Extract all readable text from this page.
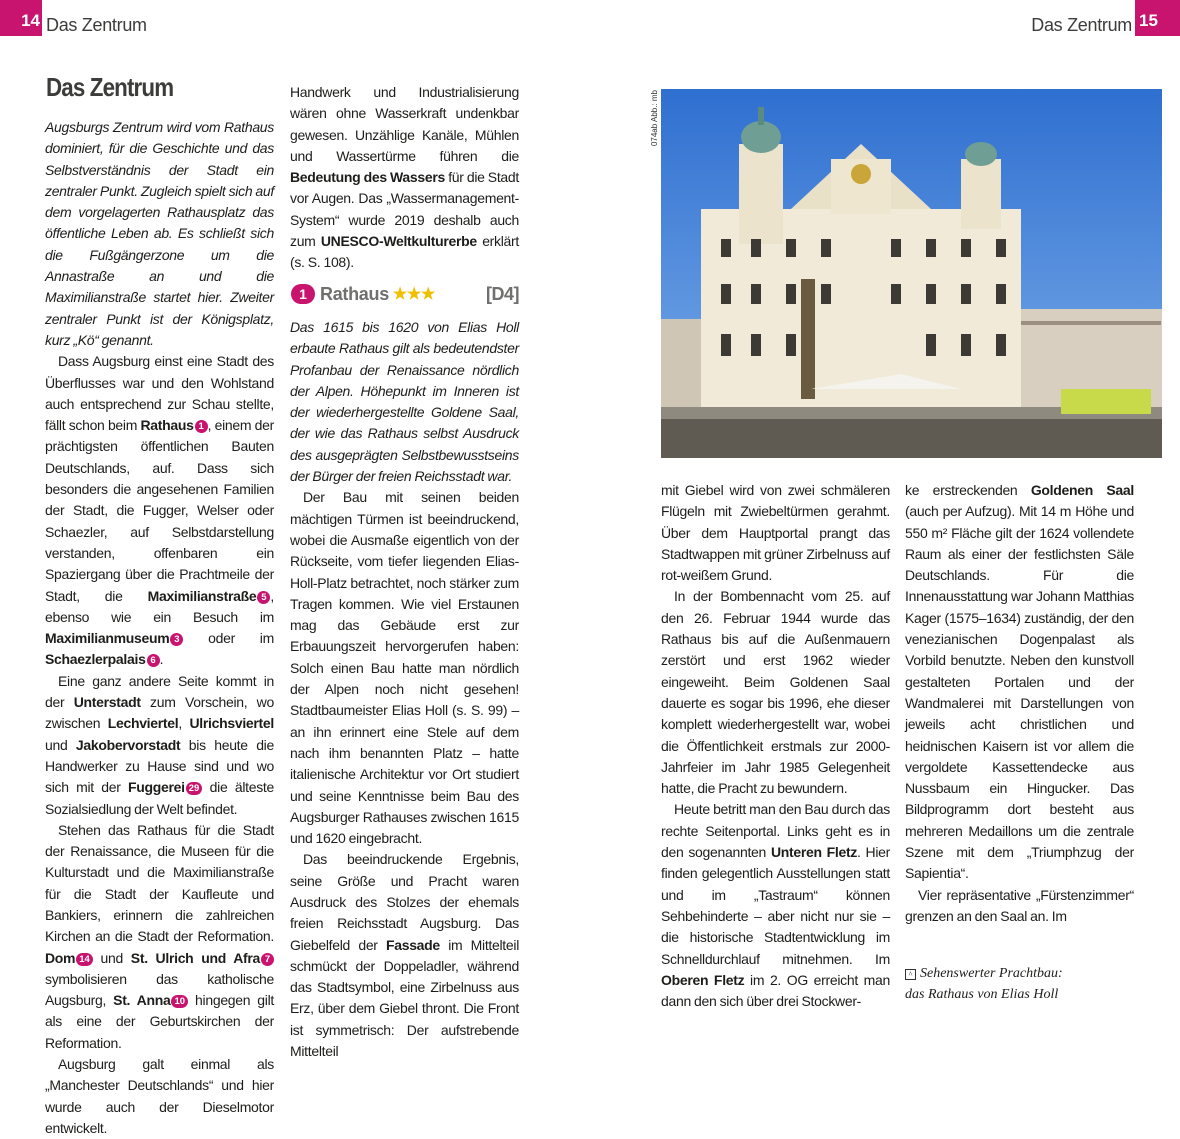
14 Das Zentrum	Das Zentrum 15
Das Zentrum

Augsburgs Zentrum wird vom Rathaus dominiert, für die Geschichte und das Selbstverständnis der Stadt ein zentraler Punkt. Zugleich spielt sich auf dem vorgelagerten Rathausplatz das öffentliche Leben ab. Es schließt sich die Fußgängerzone um die Annastraße an und die Maximilianstraße startet hier. Zweiter zentraler Punkt ist der Königsplatz, kurz „Kö“ genannt.

Dass Augsburg einst eine Stadt des Überflusses war und den Wohlstand auch entsprechend zur Schau stellte, fällt schon beim Rathaus 1 , einem der prächtigsten öffentlichen Bauten Deutschlands, auf. Dass sich besonders die angesehenen Familien der Stadt, die Fugger, Welser oder Schaezler, auf Selbstdarstellung verstanden, offenbaren ein Spaziergang über die Prachtmeile der Stadt, die Maximilianstraße 5 , ebenso wie ein Besuch im Maximilianmuseum 3 oder im Schaezlerpalais 6 .

Eine ganz andere Seite kommt in der Unterstadt zum Vorschein, wo zwischen Lechviertel, Ulrichsviertel und Jakobervorstadt bis heute die Handwerker zu Hause sind und wo sich mit der Fuggerei 29 die älteste Sozialsiedlung der Welt befindet.

Stehen das Rathaus für die Stadt der Renaissance, die Museen für die Kulturstadt und die Maximilianstraße für die Stadt der Kaufleute und Bankiers, erinnern die zahlreichen Kirchen an die Stadt der Reformation. Dom 14 und St. Ulrich und Afra 7 symbolisieren das katholische Augsburg, St. Anna 10 hingegen gilt als eine der Geburtskirchen der Reformation.

Augsburg galt einmal als „Manchester Deutschlands“ und hier wurde auch der Dieselmotor entwickelt.

Handwerk und Industrialisierung wären ohne Wasserkraft undenkbar gewesen. Unzählige Kanäle, Mühlen und Wassertürme führen die Bedeutung des Wassers für die Stadt vor Augen. Das „Wassermanagement-System“ wurde 2019 deshalb auch zum UNESCO-Weltkulturerbe erklärt (s. S. 108).

1 Rathaus ★★★	[D4]

Das 1615 bis 1620 von Elias Holl erbaute Rathaus gilt als bedeutendster Profanbau der Renaissance nördlich der Alpen. Höhepunkt im Inneren ist der wiederhergestellte Goldene Saal, der wie das Rathaus selbst Ausdruck des ausgeprägten Selbstbewusstseins der Bürger der freien Reichsstadt war.

Der Bau mit seinen beiden mächtigen Türmen ist beeindruckend, wobei die Ausmaße eigentlich von der Rückseite, vom tiefer liegenden Elias-Holl-Platz betrachtet, noch stärker zum Tragen kommen. Wie viel Erstaunen mag das Gebäude erst zur Erbauungszeit hervorgerufen haben: Solch einen Bau hatte man nördlich der Alpen noch nicht gesehen! Stadtbaumeister Elias Holl (s. S. 99) – an ihn erinnert eine Stele auf dem nach ihm benannten Platz – hatte italienische Architektur vor Ort studiert und seine Kenntnisse beim Bau des Augsburger Rathauses zwischen 1615 und 1620 eingebracht.

Das beeindruckende Ergebnis, seine Größe und Pracht waren Ausdruck des Stolzes der ehemals freien Reichsstadt Augsburg. Das Giebelfeld der Fassade im Mittelteil schmückt der Doppeladler, während das Stadtsymbol, eine Zirbelnuss aus Erz, über dem Giebel thront. Die Front ist symmetrisch: Der aufstrebende Mittelteil

074ab Abb.: mb

mit Giebel wird von zwei schmäleren Flügeln mit Zwiebeltürmen gerahmt. Über dem Hauptportal prangt das Stadtwappen mit grüner Zirbelnuss auf rot-weißem Grund.

In der Bombennacht vom 25. auf den 26. Februar 1944 wurde das Rathaus bis auf die Außenmauern zerstört und erst 1962 wieder eingeweiht. Beim Goldenen Saal dauerte es sogar bis 1996, ehe dieser komplett wiederhergestellt war, wobei die Öffentlichkeit erstmals zur 2000-Jahrfeier im Jahr 1985 Gelegenheit hatte, die Pracht zu bewundern.

Heute betritt man den Bau durch das rechte Seitenportal. Links geht es in den sogenannten Unteren Fletz. Hier finden gelegentlich Ausstellungen statt und im „Tastraum“ können Sehbehinderte – aber nicht nur sie – die historische Stadtentwicklung im Schnelldurchlauf mitnehmen. Im Oberen Fletz im 2. OG erreicht man dann den sich über drei Stockwer-

ke erstreckenden Goldenen Saal (auch per Aufzug). Mit 14 m Höhe und 550 m² Fläche gilt der 1624 vollendete Raum als einer der festlichsten Säle Deutschlands. Für die Innenausstattung war Johann Matthias Kager (1575–1634) zuständig, der den venezianischen Dogenpalast als Vorbild benutzte. Neben den kunstvoll gestalteten Portalen und der Wandmalerei mit Darstellungen von jeweils acht christlichen und heidnischen Kaisern ist vor allem die vergoldete Kassettendecke aus Nussbaum ein Hingucker. Das Bildprogramm dort besteht aus mehreren Medaillons um die zentrale Szene mit dem „Triumphzug der Sapientia“.

Vier repräsentative „Fürstenzimmer“ grenzen an den Saal an. Im

^ Sehenswerter Prachtbau:
das Rathaus von Elias Holl
